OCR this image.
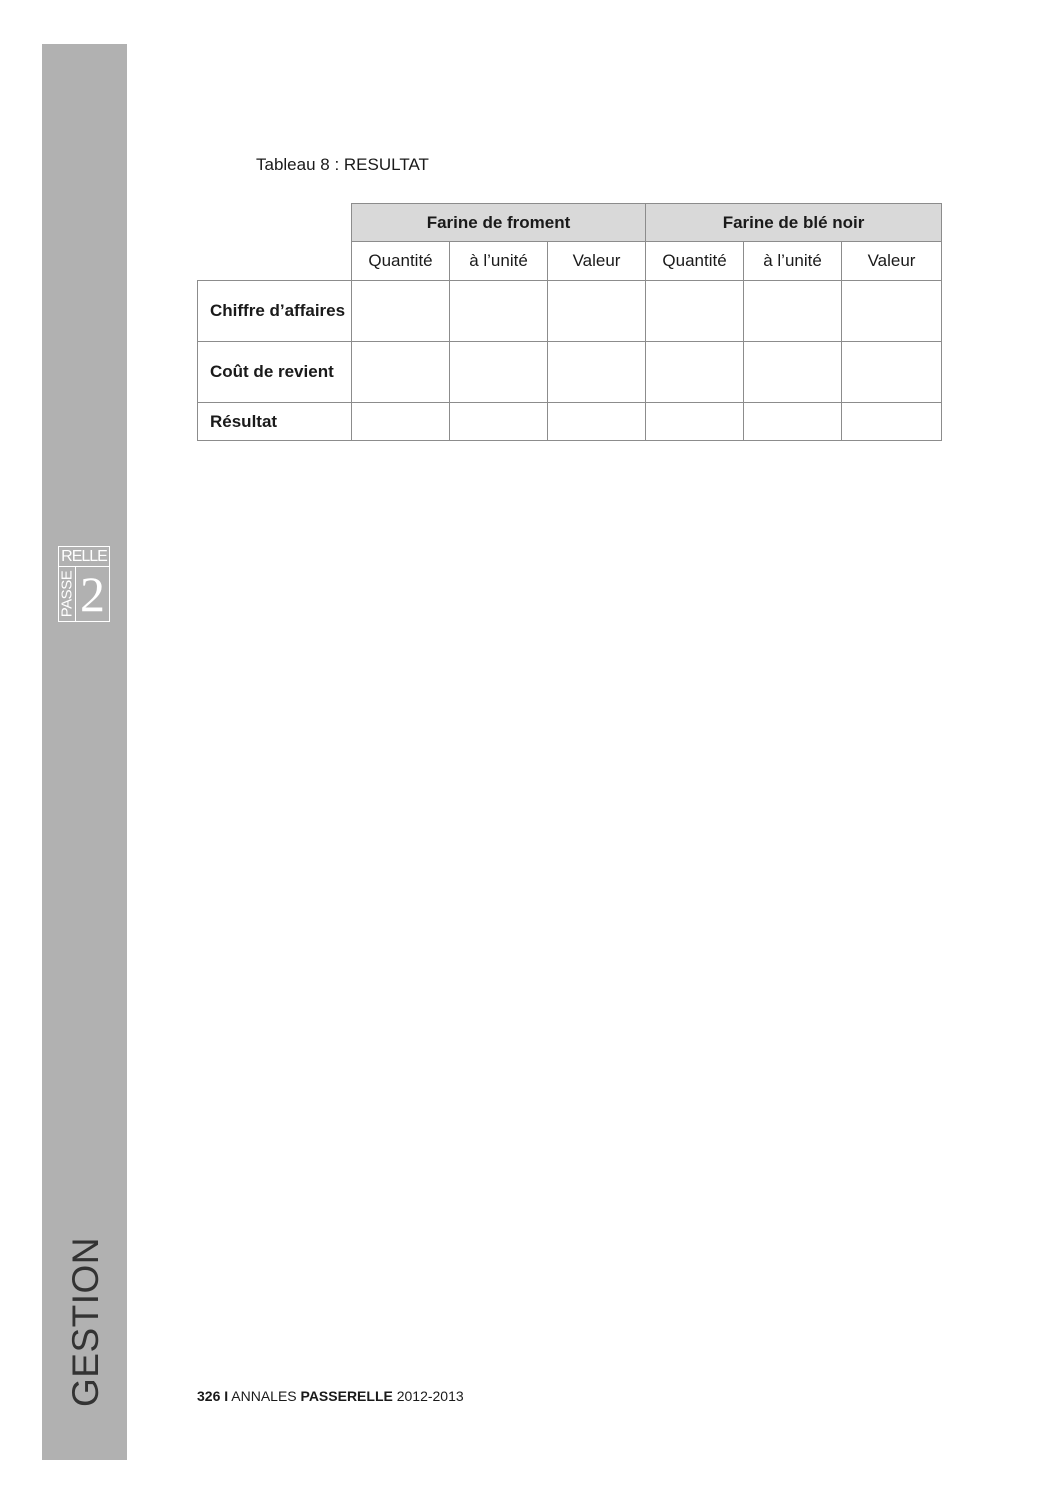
RELLE
PASSE 2
GESTION
Tableau 8 : RESULTAT
	Farine de froment			Farine de blé noir		
	Quantité	à l’unité	Valeur	Quantité	à l’unité	Valeur
Chiffre d’affaires						
Coût de revient						
Résultat						
326 I ANNALES PASSERELLE 2012-2013
